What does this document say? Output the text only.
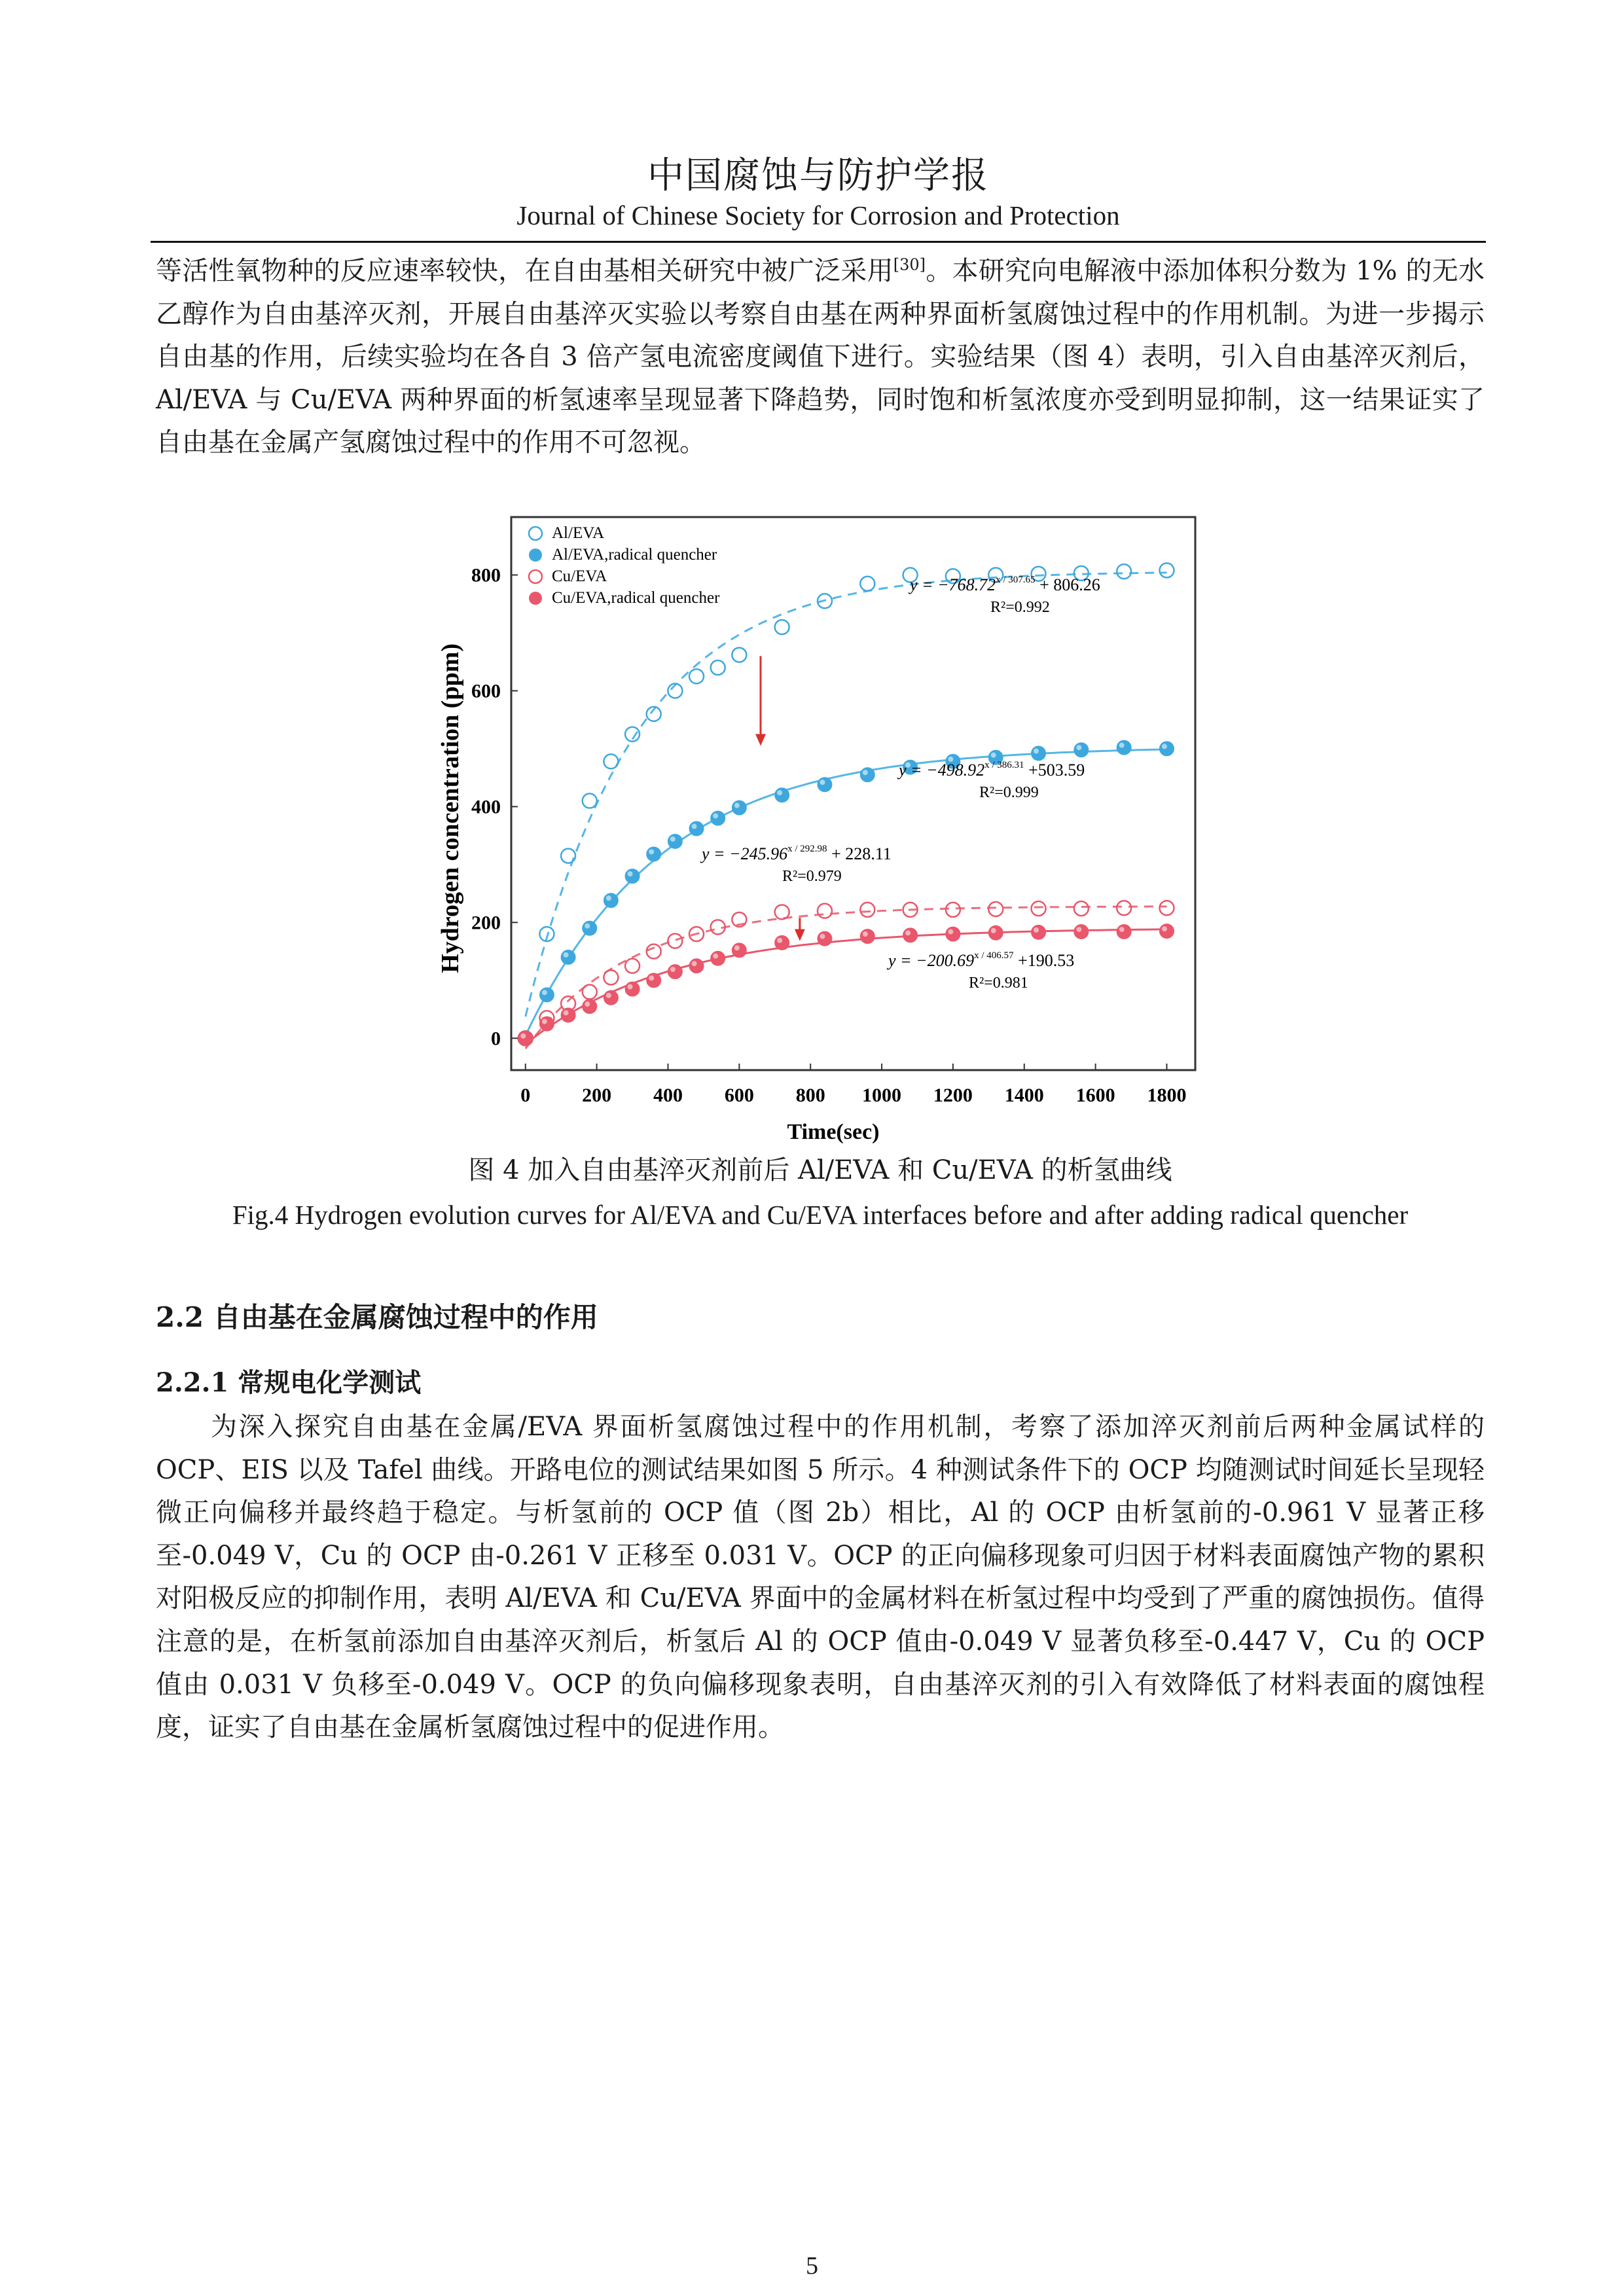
中国腐蚀与防护学报
Journal of Chinese Society for Corrosion and Protection

等活性氧物种的反应速率较快，在自由基相关研究中被广泛采用[30]。本研究向电解液中添加体积分数为 1% 的无水乙醇作为自由基淬灭剂，开展自由基淬灭实验以考察自由基在两种界面析氢腐蚀过程中的作用机制。为进一步揭示自由基的作用，后续实验均在各自 3 倍产氢电流密度阈值下进行。实验结果（图 4）表明，引入自由基淬灭剂后，Al/EVA 与 Cu/EVA 两种界面的析氢速率呈现显著下降趋势，同时饱和析氢浓度亦受到明显抑制，这一结果证实了自由基在金属产氢腐蚀过程中的作用不可忽视。

0	200 400 600 800 1000 1200 1400 1600 1800
0
200
400
600
800
Al/EVA
Al/EVA,radical quencher
Cu/EVA
Cu/EVA,radical quencher
$y = -768.72^{x / 307.65} + 806.26$
R²=0.992
$y = -498.92^{x / 386.31} +503.59$
R²=0.999
$y = -245.96^{x / 292.98} + 228.11$
R²=0.979
$y = -200.69^{x / 406.57} +190.53$
R²=0.981
Hydrogen concentration (ppm)
Time(sec)
图 4 加入自由基淬灭剂前后 Al/EVA 和 Cu/EVA 的析氢曲线
Fig.4 Hydrogen evolution curves for Al/EVA and Cu/EVA interfaces before and after adding radical quencher
2.2 自由基在金属腐蚀过程中的作用
2.2.1 常规电化学测试

为深入探究自由基在金属/EVA 界面析氢腐蚀过程中的作用机制，考察了添加淬灭剂前后两种金属试样的 OCP、EIS 以及 Tafel 曲线。开路电位的测试结果如图 5 所示。4 种测试条件下的 OCP 均随测试时间延长呈现轻微正向偏移并最终趋于稳定。与析氢前的 OCP 值（图 2b）相比，Al 的 OCP 由析氢前的-0.961 V 显著正移至-0.049 V，Cu 的 OCP 由-0.261 V 正移至 0.031 V。OCP 的正向偏移现象可归因于材料表面腐蚀产物的累积对阳极反应的抑制作用，表明 Al/EVA 和 Cu/EVA 界面中的金属材料在析氢过程中均受到了严重的腐蚀损伤。值得注意的是，在析氢前添加自由基淬灭剂后，析氢后 Al 的 OCP 值由-0.049 V 显著负移至-0.447 V，Cu 的 OCP 值由 0.031 V 负移至-0.049 V。OCP 的负向偏移现象表明，自由基淬灭剂的引入有效降低了材料表面的腐蚀程度，证实了自由基在金属析氢腐蚀过程中的促进作用。

5
